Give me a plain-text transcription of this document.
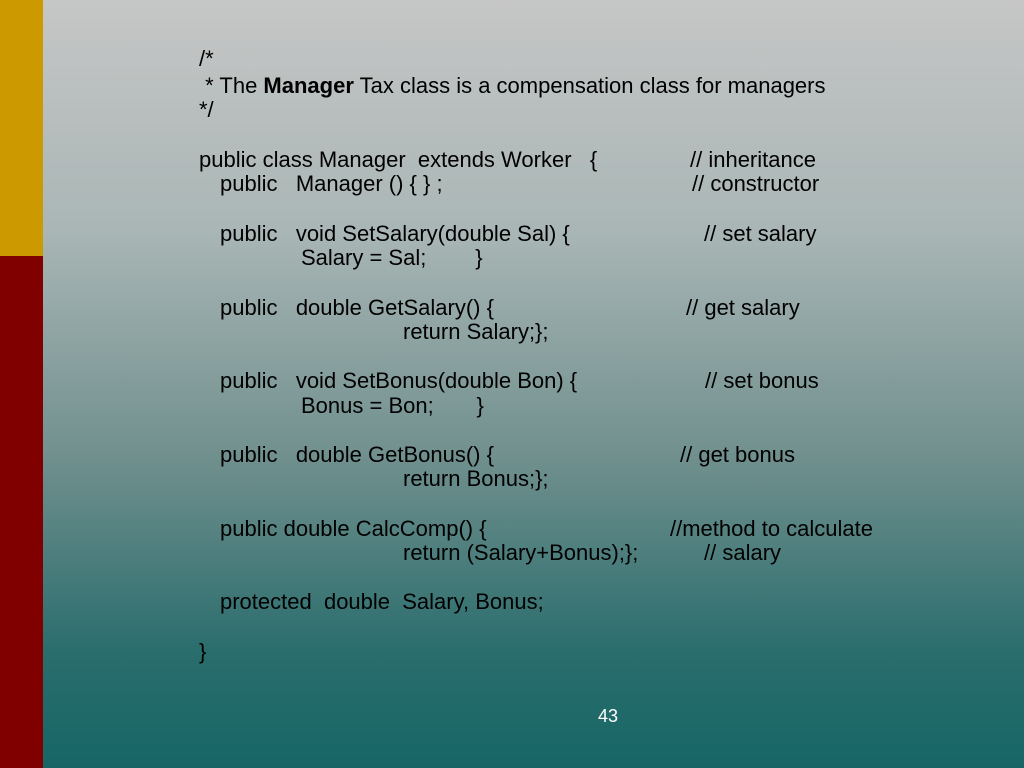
/*
* The Manager Tax class is a compensation class for managers
*/
public class Manager  extends Worker   {	// inheritance
public   Manager () { } ;	// constructor
public   void SetSalary(double Sal) {	// set salary
Salary = Sal;        }
public   double GetSalary() {	// get salary
return Salary;};
public   void SetBonus(double Bon) {	// set bonus
Bonus = Bon;       }
public   double GetBonus() {	// get bonus
return Bonus;};
public double CalcComp() {	//method to calculate
return (Salary+Bonus);};	// salary
protected  double  Salary, Bonus;
}
43
